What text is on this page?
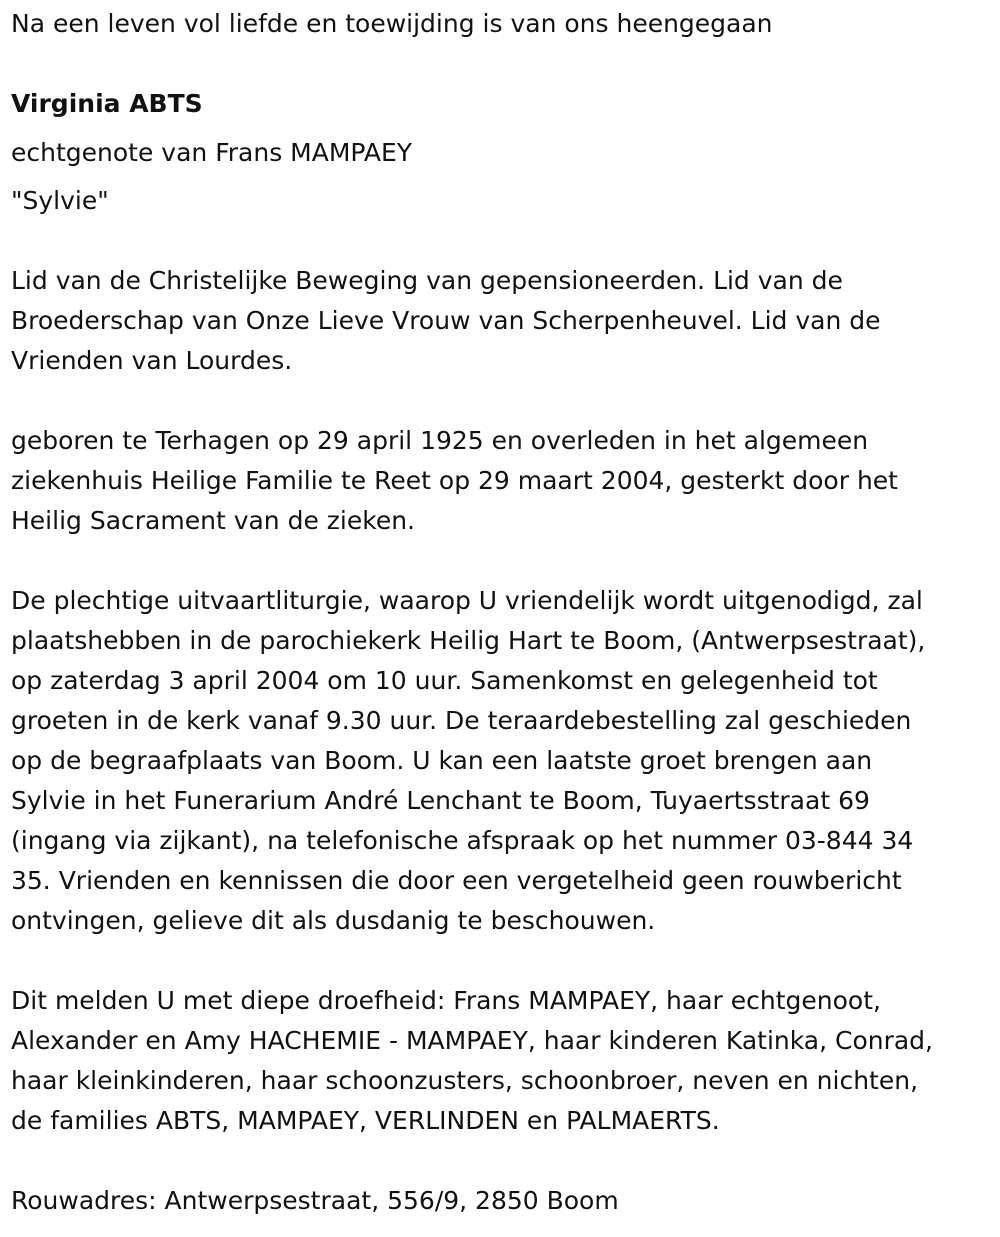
Na een leven vol liefde en toewijding is van ons heengegaan

Virginia ABTS

echtgenote van Frans MAMPAEY

"Sylvie"

Lid van de Christelijke Beweging van gepensioneerden. Lid van de
Broederschap van Onze Lieve Vrouw van Scherpenheuvel. Lid van de
Vrienden van Lourdes.

geboren te Terhagen op 29 april 1925 en overleden in het algemeen
ziekenhuis Heilige Familie te Reet op 29 maart 2004, gesterkt door het
Heilig Sacrament van de zieken.

De plechtige uitvaartliturgie, waarop U vriendelijk wordt uitgenodigd, zal
plaatshebben in de parochiekerk Heilig Hart te Boom, (Antwerpsestraat),
op zaterdag 3 april 2004 om 10 uur. Samenkomst en gelegenheid tot
groeten in de kerk vanaf 9.30 uur. De teraardebestelling zal geschieden
op de begraafplaats van Boom. U kan een laatste groet brengen aan
Sylvie in het Funerarium André Lenchant te Boom, Tuyaertsstraat 69
(ingang via zijkant), na telefonische afspraak op het nummer 03-844 34
35. Vrienden en kennissen die door een vergetelheid geen rouwbericht
ontvingen, gelieve dit als dusdanig te beschouwen.

Dit melden U met diepe droefheid: Frans MAMPAEY, haar echtgenoot,
Alexander en Amy HACHEMIE - MAMPAEY, haar kinderen Katinka, Conrad,
haar kleinkinderen, haar schoonzusters, schoonbroer, neven en nichten,
de families ABTS, MAMPAEY, VERLINDEN en PALMAERTS.

Rouwadres: Antwerpsestraat, 556/9, 2850 Boom
